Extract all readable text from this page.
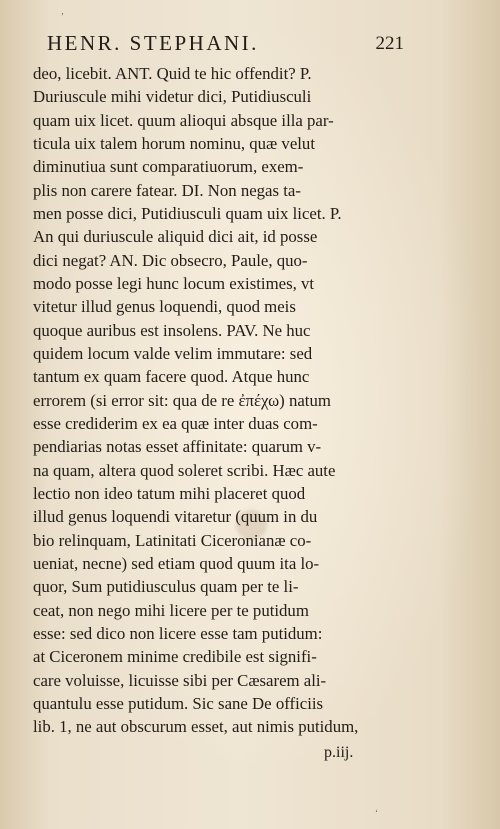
‚
‘
HENR. STEPHANI.	221
deo, licebit. ANT. Quid te hic offendit? P.
Duriuscule mihi videtur dici, Putidiusculi
quam uix licet. quum alioqui absque illa par-
ticula uix talem horum nominu, quæ velut
diminutiua sunt comparatiuorum, exem-
plis non carere fatear. DI. Non negas ta-
men posse dici, Putidiusculi quam uix licet. P.
An qui duriuscule aliquid dici ait, id posse
dici negat? AN. Dic obsecro, Paule, quo-
modo posse legi hunc locum existimes, vt
vitetur illud genus loquendi, quod meis
quoque auribus est insolens. PAV. Ne huc
quidem locum valde velim immutare: sed
tantum ex quam facere quod. Atque hunc
errorem (si error sit: qua de re ἐπέχω) natum
esse crediderim ex ea quæ inter duas com-
pendiarias notas esset affinitate: quarum v-
na quam, altera quod soleret scribi. Hæc aute
lectio non ideo tatum mihi placeret quod
illud genus loquendi vitaretur (quum in du
bio relinquam, Latinitati Ciceronianæ co-
ueniat, necne) sed etiam quod quum ita lo-
quor, Sum putidiusculus quam per te li-
ceat, non nego mihi licere per te putidum
esse: sed dico non licere esse tam putidum:
at Ciceronem minime credibile est signifi-
care voluisse, licuisse sibi per Cæsarem ali-
quantulu esse putidum. Sic sane De officiis
lib. 1, ne aut obscurum esset, aut nimis putidum,
p.iij.
